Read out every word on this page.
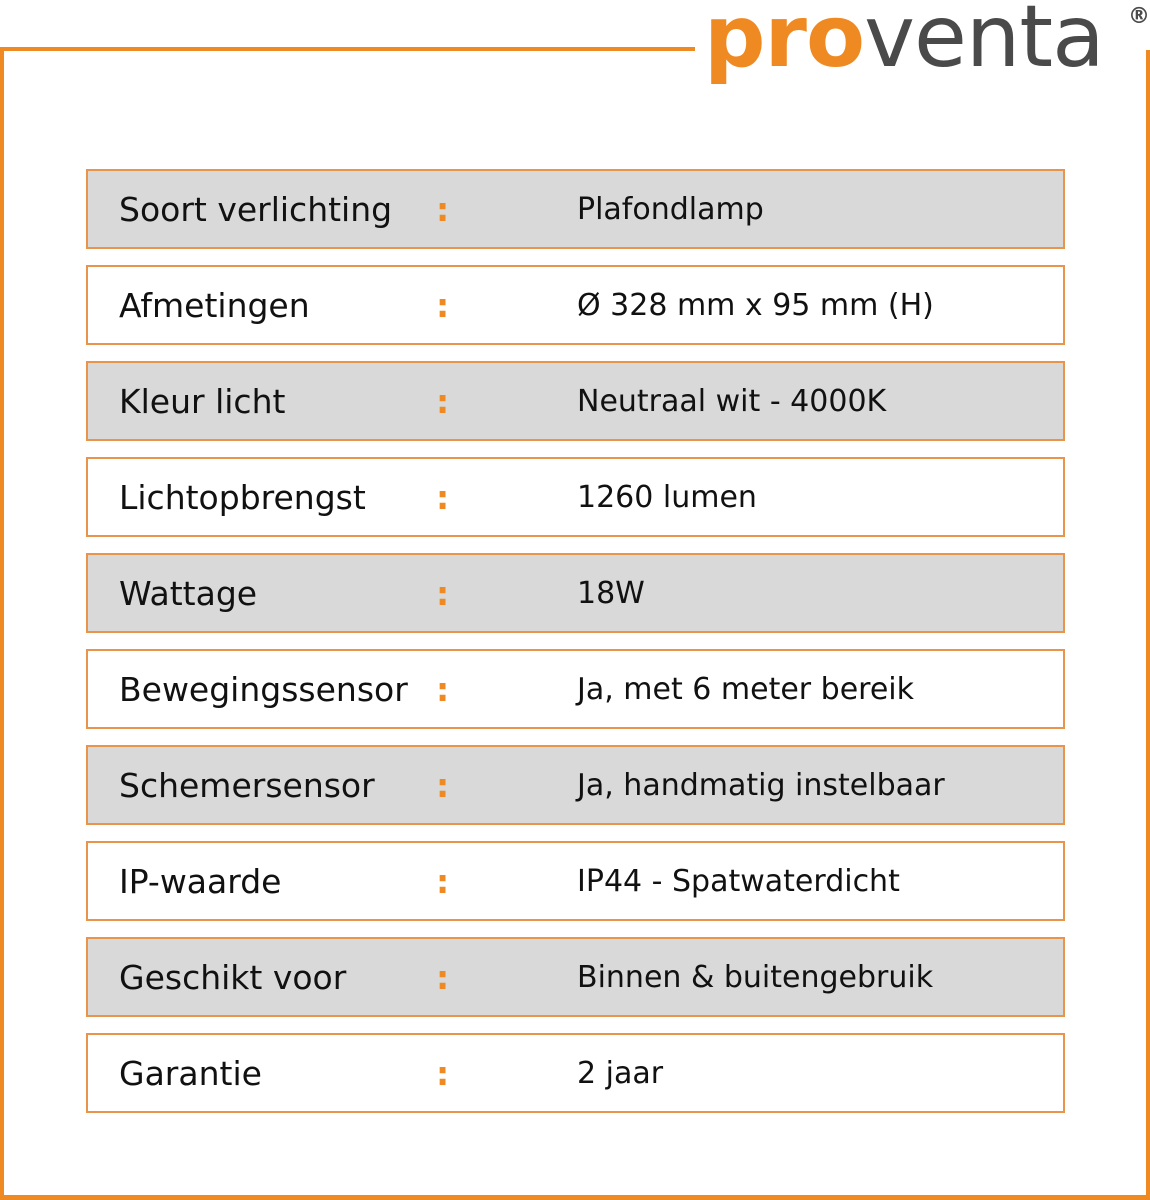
proventa ®
Soort verlichting :	Plafondlamp
Afmetingen	:	Ø 328 mm x 95 mm (H)
Kleur licht	:	Neutraal wit - 4000K
Lichtopbrengst :	1260 lumen
Wattage	:	18W
Bewegingssensor :	Ja, met 6 meter bereik
Schemersensor :	Ja, handmatig instelbaar
IP-waarde	:	IP44 - Spatwaterdicht
Geschikt voor	:	Binnen & buitengebruik
Garantie	:	2 jaar
